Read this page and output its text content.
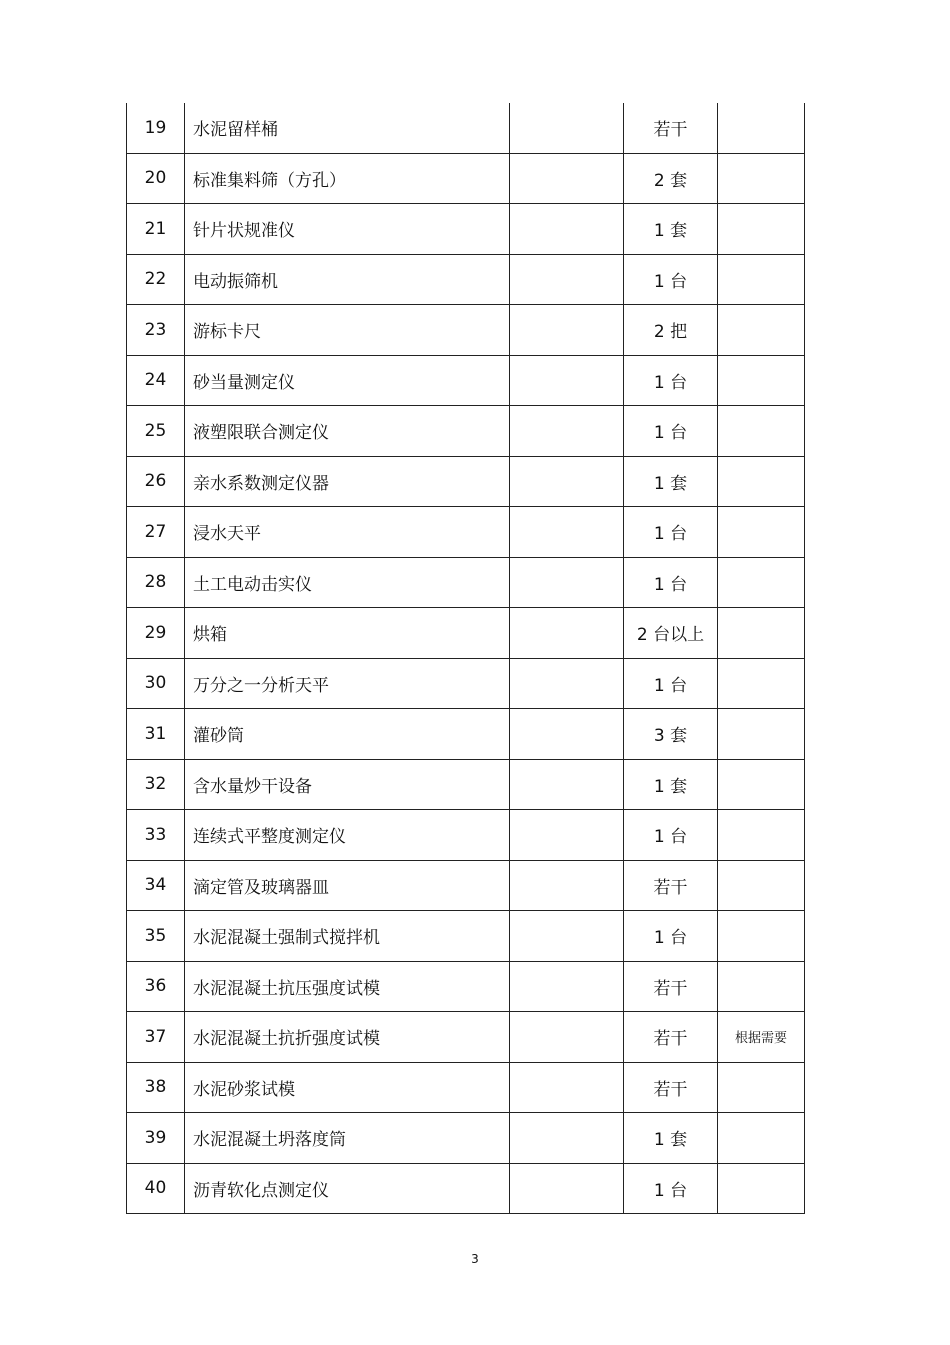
19	水泥留样桶		若干	
20	标准集料筛（方孔）		2 套	
21	针片状规准仪		1 套	
22	电动振筛机		1 台	
23	游标卡尺		2 把	
24	砂当量测定仪		1 台	
25	液塑限联合测定仪		1 台	
26	亲水系数测定仪器		1 套	
27	浸水天平		1 台	
28	土工电动击实仪		1 台	
29	烘箱		2 台以上	
30	万分之一分析天平		1 台	
31	灌砂筒		3 套	
32	含水量炒干设备		1 套	
33	连续式平整度测定仪		1 台	
34	滴定管及玻璃器皿		若干	
35	水泥混凝土强制式搅拌机		1 台	
36	水泥混凝土抗压强度试模		若干	
37	水泥混凝土抗折强度试模		若干	根据需要
38	水泥砂浆试模		若干	
39	水泥混凝土坍落度筒		1 套	
40	沥青软化点测定仪		1 台	
3
